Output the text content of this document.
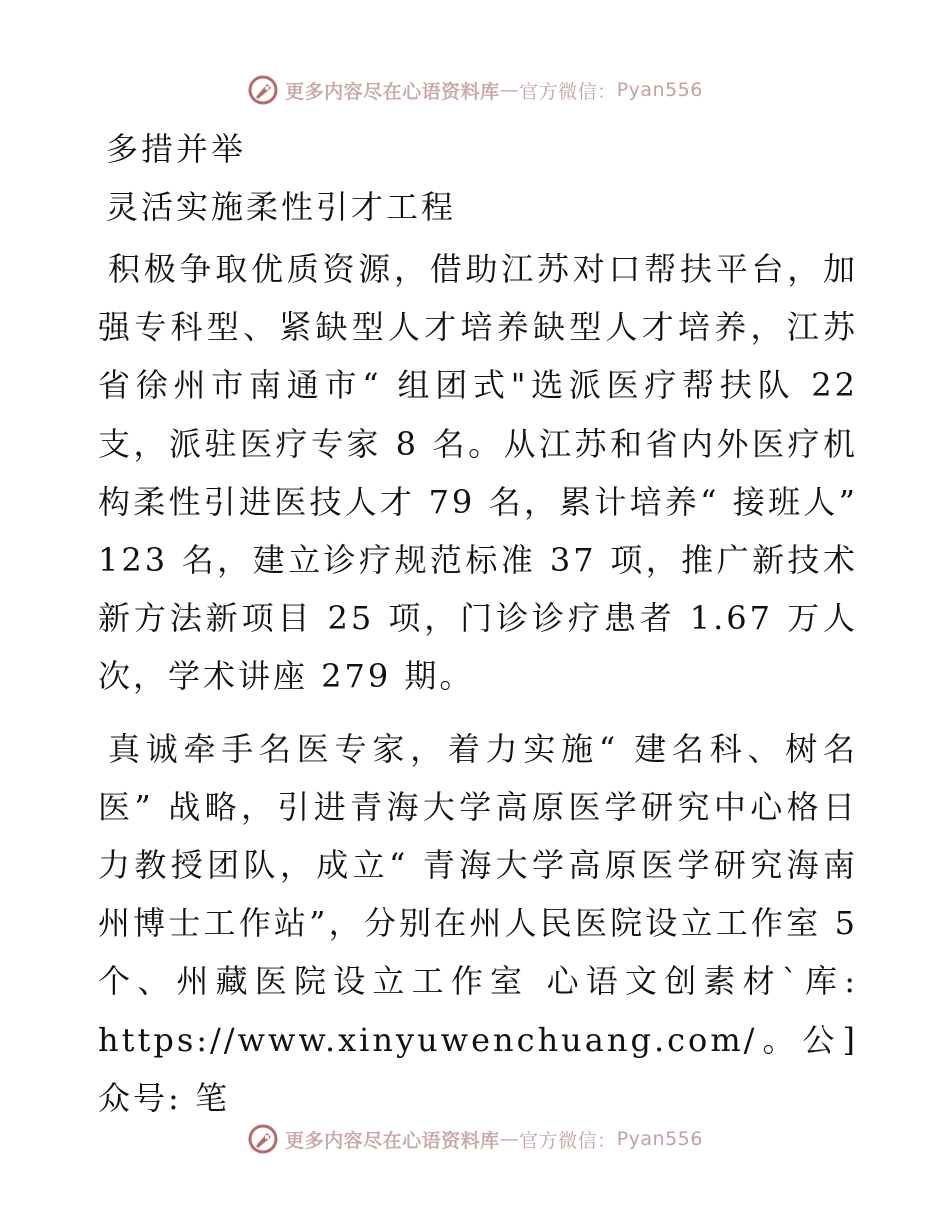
更多内容尽在心语资料库 — 官方微信： Pyan556

多措并举

灵活实施柔性引才工程

积极争取优质资源，借助江苏对口帮扶平台，加强专科型、紧缺型人才培养缺型人才培养，江苏省徐州市南通市“ 组团式"选派医疗帮扶队 22 支，派驻医疗专家 8 名。从江苏和省内外医疗机构柔性引进医技人才 79 名，累计培养“ 接班人” 123 名，建立诊疗规范标准 37 项，推广新技术新方法新项目 25 项，门诊诊疗患者 1.67 万人次，学术讲座 279 期。

真诚牵手名医专家，着力实施“ 建名科、树名医” 战略，引进青海大学高原医学研究中心格日力教授团队，成立“ 青海大学高原医学研究海南州博士工作站”，分别在州人民医院设立工作室 5 个、州藏医院设立工作室 心语文创素材`库: https://www.xinyuwenchuang.com/。公]众号: 笔

更多内容尽在心语资料库 — 官方微信： Pyan556
